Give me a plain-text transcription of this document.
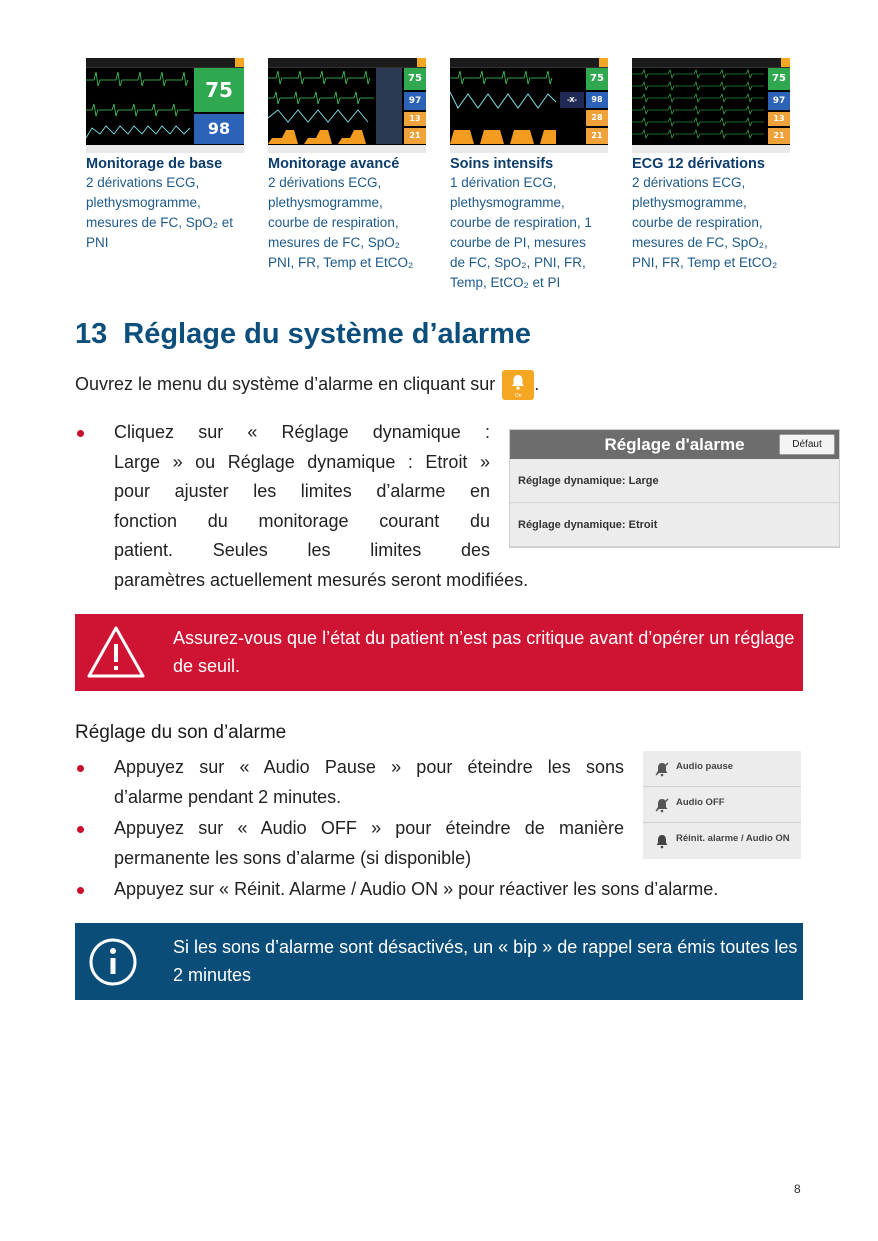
75
98
Monitorage de base
2 dérivations ECG,
plethysmogramme,
mesures de FC, SpO₂ et
PNI
75
97
13
21
Monitorage avancé
2 dérivations ECG,
plethysmogramme,
courbe de respiration,
mesures de FC, SpO₂
PNI, FR, Temp et EtCO₂
75
98
28
21
-X-
Soins intensifs
1 dérivation ECG,
plethysmogramme,
courbe de respiration, 1
courbe de PI, mesures
de FC, SpO₂, PNI, FR,
Temp, EtCO₂ et PI
75
97
13
21
ECG 12 dérivations
2 dérivations ECG,
plethysmogramme,
courbe de respiration,
mesures de FC, SpO₂,
PNI, FR, Temp et EtCO₂
13 Réglage du système d’alarme
Ouvrez le menu du système d’alarme en cliquant sur
On
.
Cliquez sur « Réglage dynamique :
Large » ou Réglage dynamique : Etroit »
pour ajuster les limites d’alarme en
fonction du monitorage courant du
patient. Seules les limites des
paramètres actuellement mesurés seront modifiées.
Réglage d'alarme	Défaut
Réglage dynamique: Large
Réglage dynamique: Etroit
Assurez-vous que l’état du patient n’est pas critique avant d’opérer un réglage de seuil.
Réglage du son d’alarme
Appuyez sur « Audio Pause » pour éteindre les sons
d’alarme pendant 2 minutes.
Appuyez sur « Audio OFF » pour éteindre de manière
permanente les sons d’alarme (si disponible)
Appuyez sur « Réinit. Alarme / Audio ON » pour réactiver les sons d’alarme.
Audio pause
Audio OFF
Réinit. alarme / Audio ON
Si les sons d’alarme sont désactivés, un « bip » de rappel sera émis toutes les 2 minutes
8
